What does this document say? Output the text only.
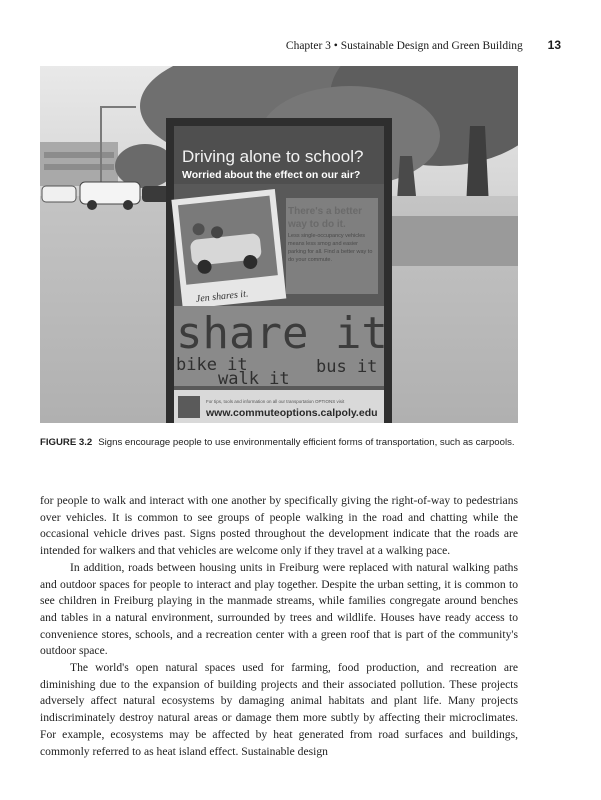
Chapter 3 • Sustainable Design and Green Building 13
Driving alone to school?
Worried about the effect on our air?
Jen shares it.
There's a better
way to do it.
Less single-occupancy vehicles means less smog and easier parking for all. Find a better way to do your commute.
share it
bike it
walk it
bus it
For tips, tools and information on all our transportation OPTIONS visit
www.commuteoptions.calpoly.edu
FIGURE 3.2 Signs encourage people to use environmentally efficient forms of transportation, such as carpools.

for people to walk and interact with one another by specifically giving the right-of-way to pedestrians over vehicles. It is common to see groups of people walking in the road and chatting while the occasional vehicle drives past. Signs posted throughout the development indicate that the roads are intended for walkers and that vehicles are welcome only if they travel at a walking pace.

In addition, roads between housing units in Freiburg were replaced with natural walking paths and outdoor spaces for people to interact and play together. Despite the urban setting, it is common to see children in Freiburg playing in the manmade streams, while families congregate around benches and tables in a natural environment, surrounded by trees and wildlife. Houses have ready access to convenience stores, schools, and a recreation center with a green roof that is part of the community's outdoor space.

The world's open natural spaces used for farming, food production, and recreation are diminishing due to the expansion of building projects and their associated pollution. These projects adversely affect natural ecosystems by damaging animal habitats and plant life. Many projects indiscriminately destroy natural areas or damage them more subtly by affecting their microclimates. For example, ecosystems may be affected by heat generated from road surfaces and buildings, commonly referred to as heat island effect. Sustainable design
